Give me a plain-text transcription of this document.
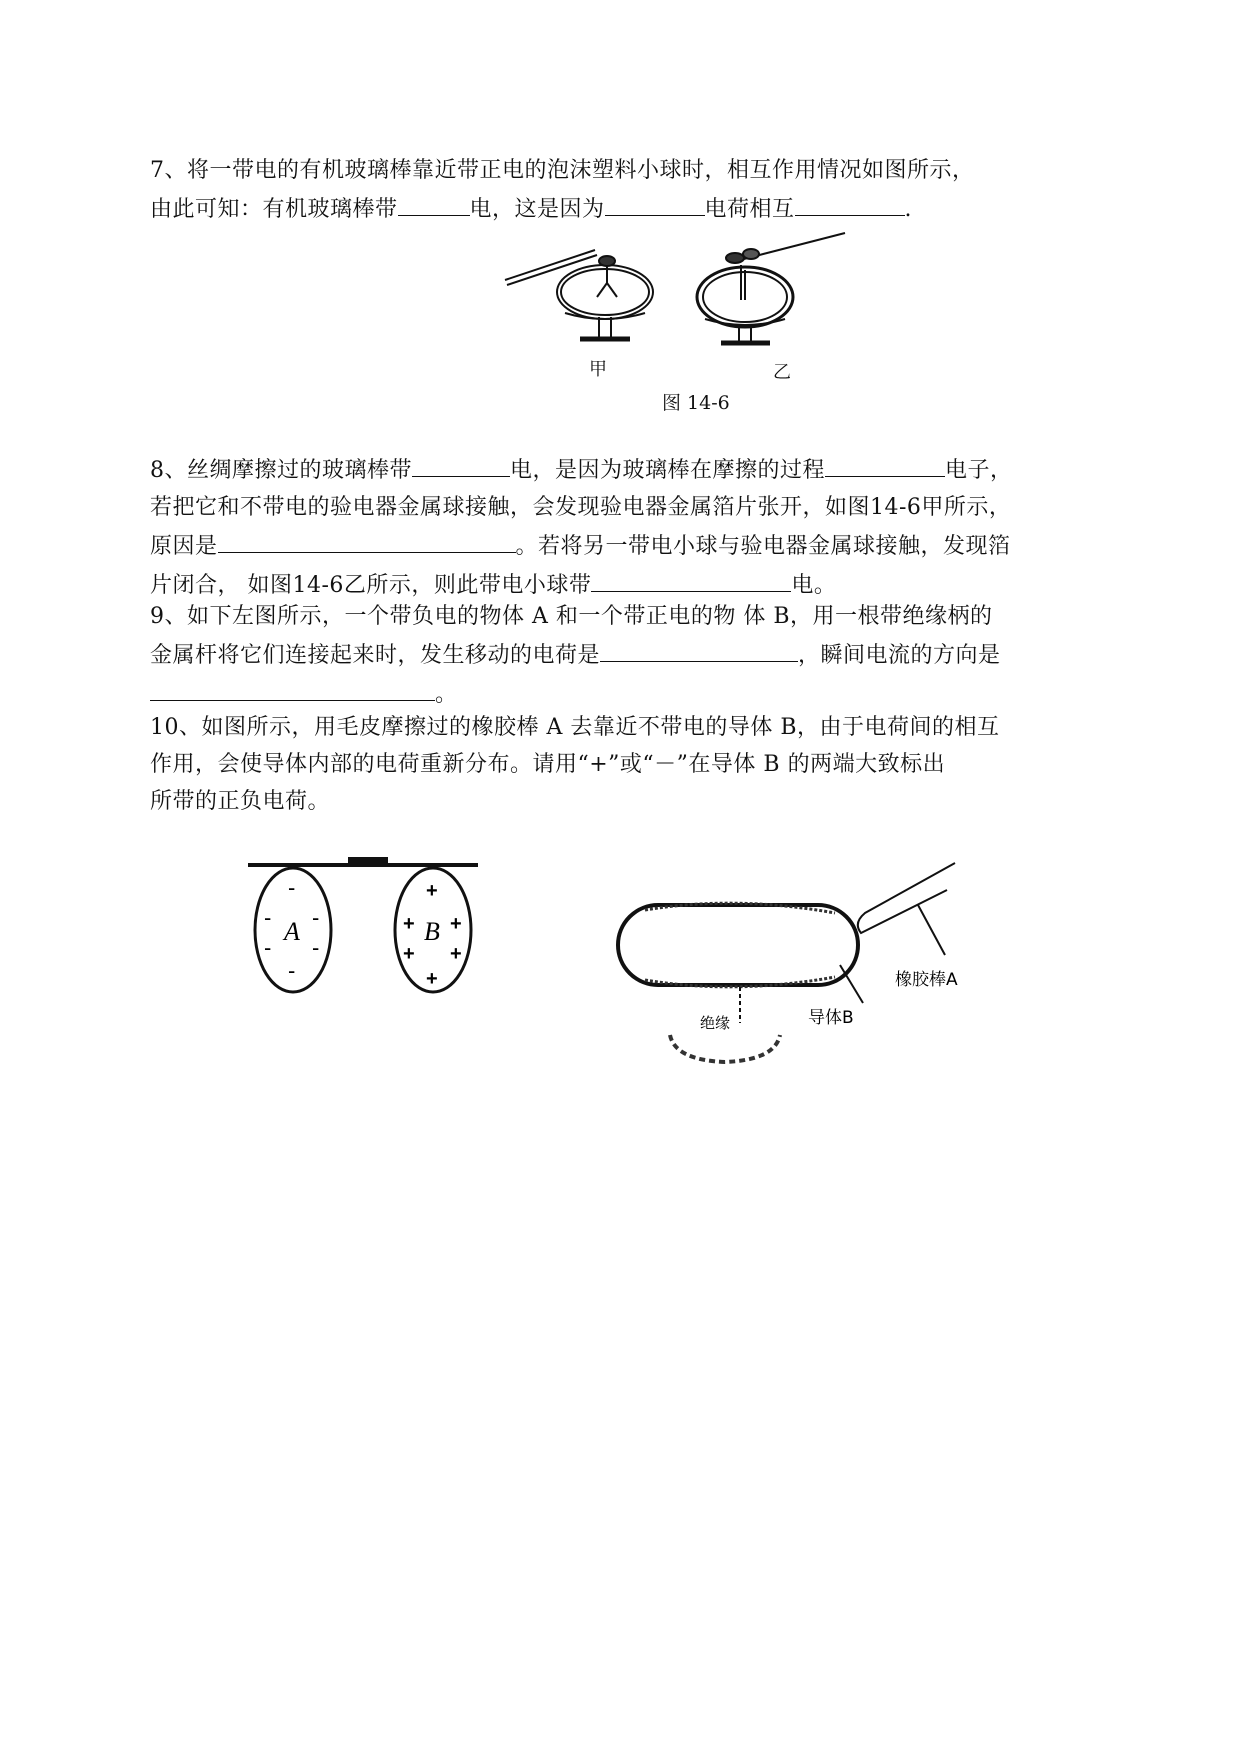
7、将一带电的有机玻璃棒靠近带正电的泡沫塑料小球时，相互作用情况如图所示，
由此可知：有机玻璃棒带	电，这是因为	电荷相互	.
甲	乙
图 14-6
8、丝绸摩擦过的玻璃棒带	电，是因为玻璃棒在摩擦的过程	电子，
若把它和不带电的验电器金属球接触，会发现验电器金属箔片张开，如图14-6甲所示，
原因是	。若将另一带电小球与验电器金属球接触，发现箔
片闭合， 如图14-6乙所示，则此带电小球带	电。
9、如下左图所示，一个带负电的物体 A 和一个带正电的物 体 B，用一根带绝缘柄的
金属杆将它们连接起来时，发生移动的电荷是	，瞬间电流的方向是
。
10、如图所示，用毛皮摩擦过的橡胶棒 A 去靠近不带电的导体 B，由于电荷间的相互
作用，会使导体内部的电荷重新分布。请用“+”或“－”在导体 B 的两端大致标出
所带的正负电荷。
A	B
-
- -
- -
-
+
+ +
+ +
+	橡胶棒A
导体B
绝缘
